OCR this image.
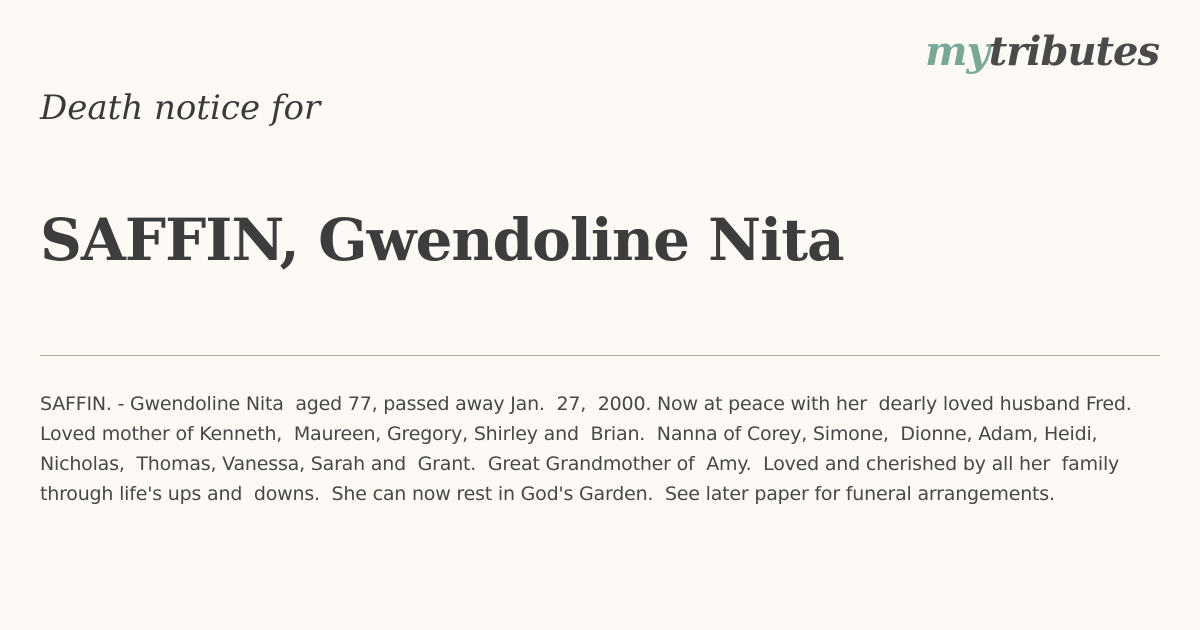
mytributes
Death notice for
SAFFIN, Gwendoline Nita

SAFFIN. - Gwendoline Nita  aged 77, passed away Jan.  27,  2000. Now at peace with her  dearly loved husband Fred.  Loved mother of Kenneth,  Maureen, Gregory, Shirley and  Brian.  Nanna of Corey, Simone,  Dionne, Adam, Heidi, Nicholas,  Thomas, Vanessa, Sarah and  Grant.  Great Grandmother of  Amy.  Loved and cherished by all her  family through life's ups and  downs.  She can now rest in God's Garden.  See later paper for funeral arrangements.
